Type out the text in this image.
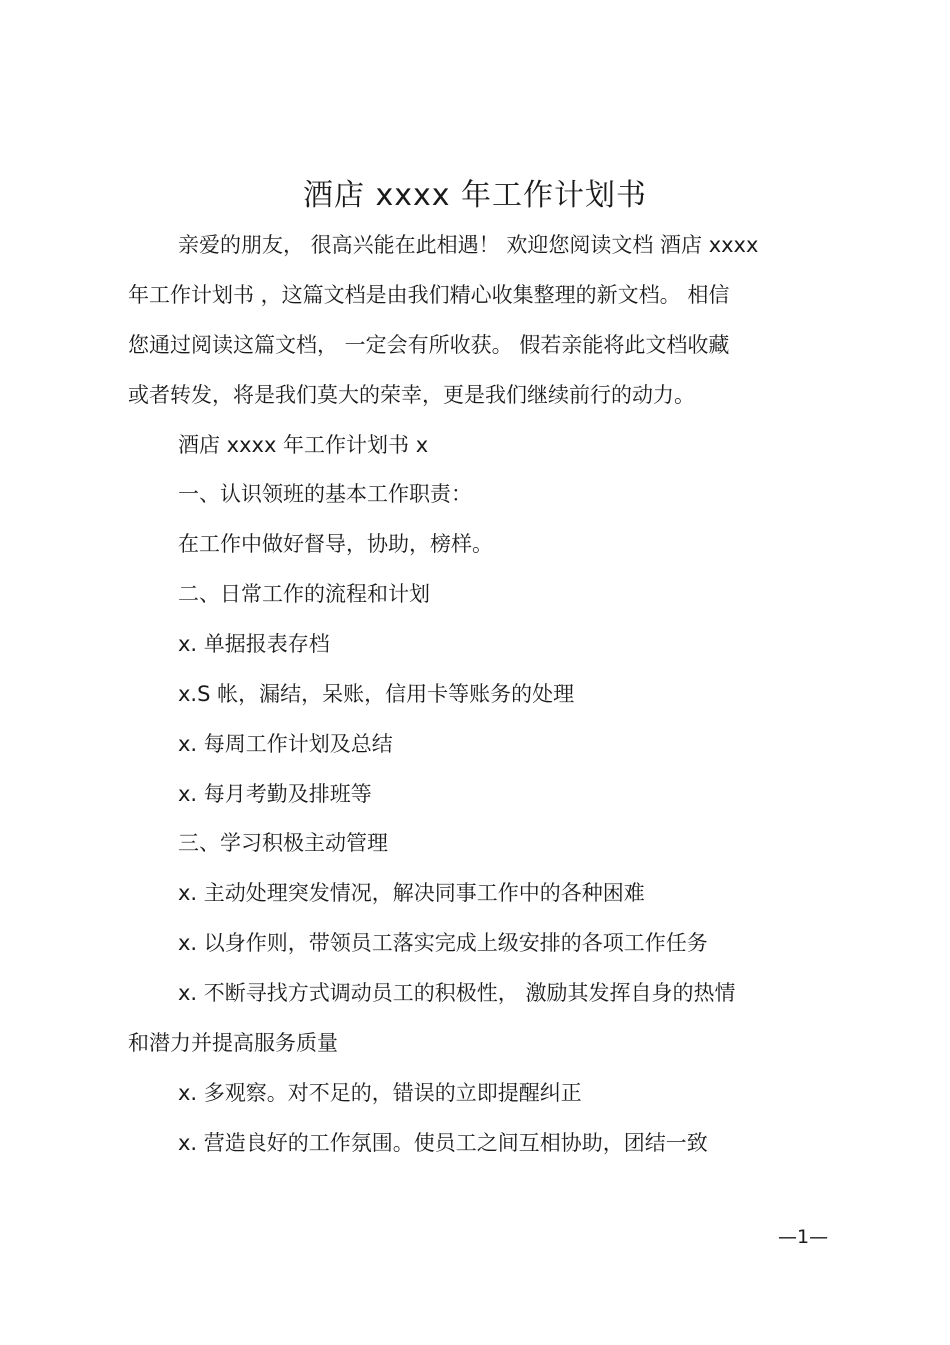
酒店 xxxx 年工作计划书

亲爱的朋友， 很高兴能在此相遇！ 欢迎您阅读文档 酒店 xxxx

年工作计划书 ，这篇文档是由我们精心收集整理的新文档。 相信

您通过阅读这篇文档， 一定会有所收获。 假若亲能将此文档收藏

或者转发，将是我们莫大的荣幸，更是我们继续前行的动力。

酒店 xxxx 年工作计划书 x

一、认识领班的基本工作职责：

在工作中做好督导，协助，榜样。

二、日常工作的流程和计划

x. 单据报表存档

x.S 帐，漏结，呆账，信用卡等账务的处理

x. 每周工作计划及总结

x. 每月考勤及排班等

三、学习积极主动管理

x. 主动处理突发情况，解决同事工作中的各种困难

x. 以身作则，带领员工落实完成上级安排的各项工作任务

x. 不断寻找方式调动员工的积极性， 激励其发挥自身的热情

和潜力并提高服务质量

x. 多观察。对不足的，错误的立即提醒纠正

x. 营造良好的工作氛围。使员工之间互相协助，团结一致

—1—
